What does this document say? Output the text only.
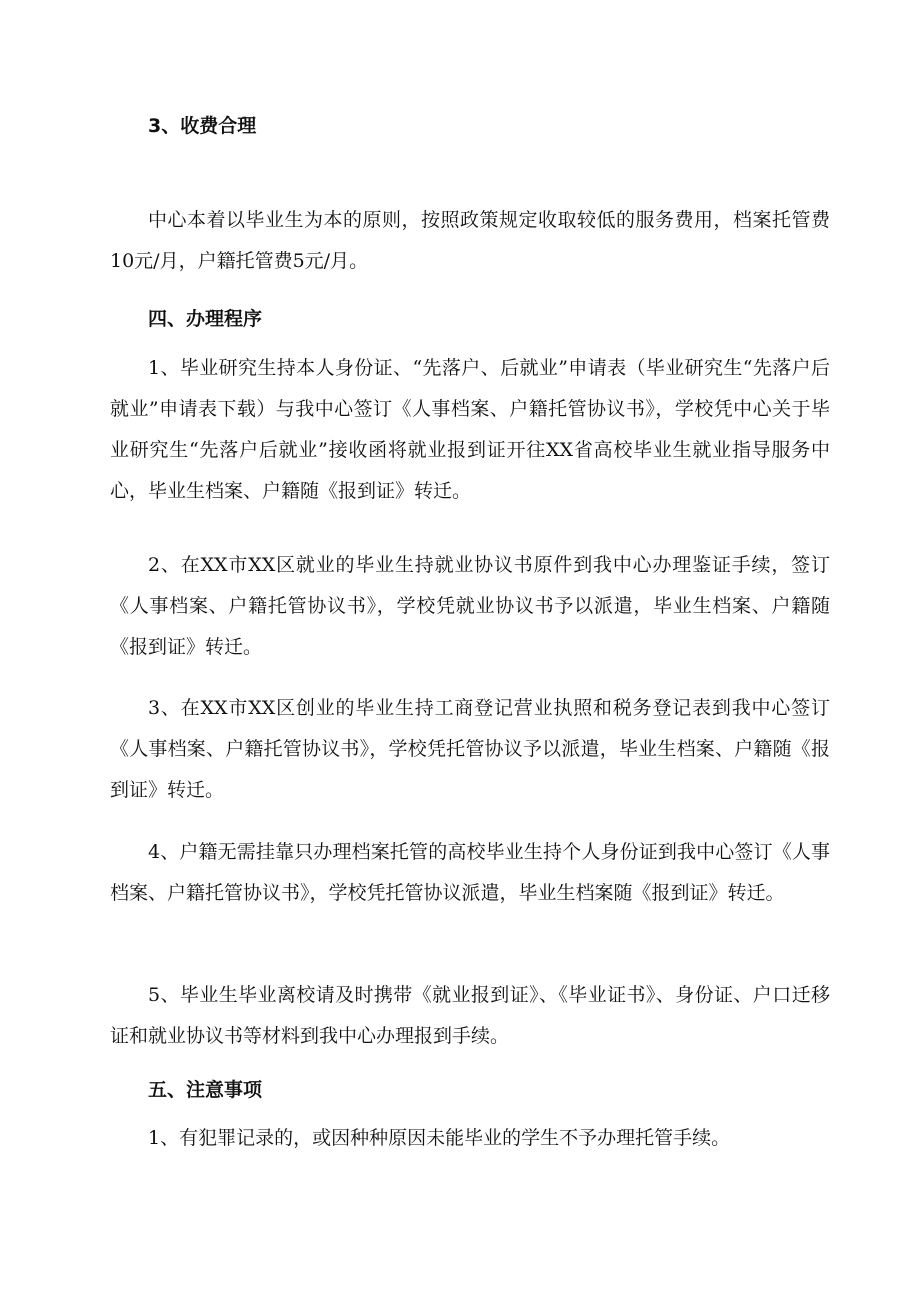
3、收费合理

中心本着以毕业生为本的原则，按照政策规定收取较低的服务费用，档案托管费10元/月，户籍托管费5元/月。

四、办理程序

1、毕业研究生持本人身份证、“先落户、后就业”申请表（毕业研究生“先落户后就业”申请表下载）与我中心签订《人事档案、户籍托管协议书》，学校凭中心关于毕业研究生“先落户后就业”接收函将就业报到证开往XX省高校毕业生就业指导服务中心，毕业生档案、户籍随《报到证》转迁。

2、在XX市XX区就业的毕业生持就业协议书原件到我中心办理鉴证手续，签订《人事档案、户籍托管协议书》，学校凭就业协议书予以派遣，毕业生档案、户籍随《报到证》转迁。

3、在XX市XX区创业的毕业生持工商登记营业执照和税务登记表到我中心签订《人事档案、户籍托管协议书》，学校凭托管协议予以派遣，毕业生档案、户籍随《报到证》转迁。

4、户籍无需挂靠只办理档案托管的高校毕业生持个人身份证到我中心签订《人事档案、户籍托管协议书》，学校凭托管协议派遣，毕业生档案随《报到证》转迁。

5、毕业生毕业离校请及时携带《就业报到证》、《毕业证书》、身份证、户口迁移证和就业协议书等材料到我中心办理报到手续。

五、注意事项

1、有犯罪记录的，或因种种原因未能毕业的学生不予办理托管手续。
